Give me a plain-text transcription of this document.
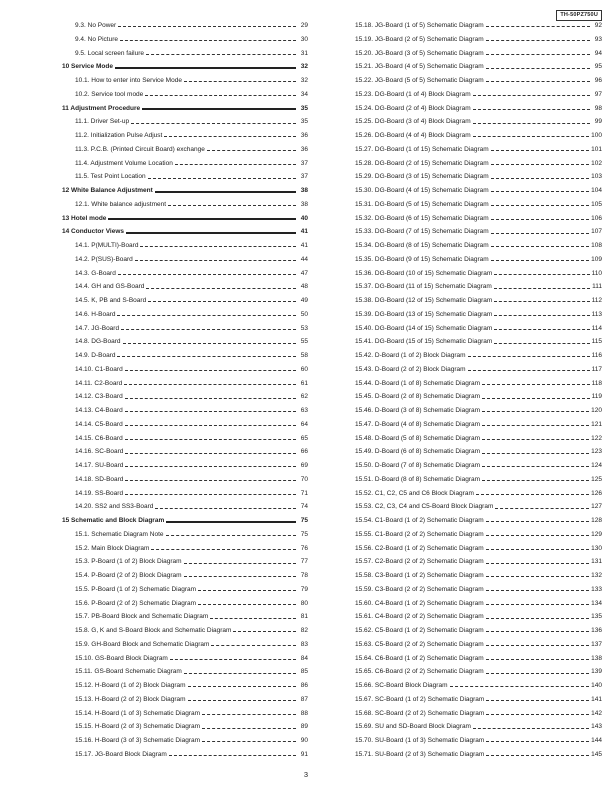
TH-50PZ750U
9.3. No Power	29
9.4. No Picture	30
9.5. Local screen failure	31
10 Service Mode	32
10.1. How to enter into Service Mode	32
10.2. Service tool mode	34
11 Adjustment Procedure	35
11.1. Driver Set-up	35
11.2. Initialization Pulse Adjust	36
11.3. P.C.B. (Printed Circuit Board) exchange	36
11.4. Adjustment Volume Location	37
11.5. Test Point Location	37
12 White Balance Adjustment	38
12.1. White balance adjustment	38
13 Hotel mode	40
14 Conductor Views	41
14.1. P(MULTI)-Board	41
14.2. P(SUS)-Board	44
14.3. G-Board	47
14.4. GH and GS-Board	48
14.5. K, PB and S-Board	49
14.6. H-Board	50
14.7. JG-Board	53
14.8. DG-Board	55
14.9. D-Board	58
14.10. C1-Board	60
14.11. C2-Board	61
14.12. C3-Board	62
14.13. C4-Board	63
14.14. C5-Board	64
14.15. C6-Board	65
14.16. SC-Board	66
14.17. SU-Board	69
14.18. SD-Board	70
14.19. SS-Board	71
14.20. SS2 and SS3-Board	74
15 Schematic and Block Diagram	75
15.1. Schematic Diagram Note	75
15.2. Main Block Diagram	76
15.3. P-Board (1 of 2) Block Diagram	77
15.4. P-Board (2 of 2) Block Diagram	78
15.5. P-Board (1 of 2) Schematic Diagram	79
15.6. P-Board (2 of 2) Schematic Diagram	80
15.7. PB-Board Block and Schematic Diagram	81
15.8. G, K and S-Board Block and Schematic Diagram	82
15.9. GH-Board Block and Schematic Diagram	83
15.10. GS-Board Block Diagram	84
15.11. GS-Board Schematic Diagram	85
15.12. H-Board (1 of 2) Block Diagram	86
15.13. H-Board (2 of 2) Block Diagram	87
15.14. H-Board (1 of 3) Schematic Diagram	88
15.15. H-Board (2 of 3) Schematic Diagram	89
15.16. H-Board (3 of 3) Schematic Diagram	90
15.17. JG-Board Block Diagram	91
15.18. JG-Board (1 of 5) Schematic Diagram	92
15.19. JG-Board (2 of 5) Schematic Diagram	93
15.20. JG-Board (3 of 5) Schematic Diagram	94
15.21. JG-Board (4 of 5) Schematic Diagram	95
15.22. JG-Board (5 of 5) Schematic Diagram	96
15.23. DG-Board (1 of 4) Block Diagram	97
15.24. DG-Board (2 of 4) Block Diagram	98
15.25. DG-Board (3 of 4) Block Diagram	99
15.26. DG-Board (4 of 4) Block Diagram	100
15.27. DG-Board (1 of 15) Schematic Diagram	101
15.28. DG-Board (2 of 15) Schematic Diagram	102
15.29. DG-Board (3 of 15) Schematic Diagram	103
15.30. DG-Board (4 of 15) Schematic Diagram	104
15.31. DG-Board (5 of 15) Schematic Diagram	105
15.32. DG-Board (6 of 15) Schematic Diagram	106
15.33. DG-Board (7 of 15) Schematic Diagram	107
15.34. DG-Board (8 of 15) Schematic Diagram	108
15.35. DG-Board (9 of 15) Schematic Diagram	109
15.36. DG-Board (10 of 15) Schematic Diagram	110
15.37. DG-Board (11 of 15) Schematic Diagram	111
15.38. DG-Board (12 of 15) Schematic Diagram	112
15.39. DG-Board (13 of 15) Schematic Diagram	113
15.40. DG-Board (14 of 15) Schematic Diagram	114
15.41. DG-Board (15 of 15) Schematic Diagram	115
15.42. D-Board (1 of 2) Block Diagram	116
15.43. D-Board (2 of 2) Block Diagram	117
15.44. D-Board (1 of 8) Schematic Diagram	118
15.45. D-Board (2 of 8) Schematic Diagram	119
15.46. D-Board (3 of 8) Schematic Diagram	120
15.47. D-Board (4 of 8) Schematic Diagram	121
15.48. D-Board (5 of 8) Schematic Diagram	122
15.49. D-Board (6 of 8) Schematic Diagram	123
15.50. D-Board (7 of 8) Schematic Diagram	124
15.51. D-Board (8 of 8) Schematic Diagram	125
15.52. C1, C2, C5 and C6 Block Diagram	126
15.53. C2, C3, C4 and C5-Board Block Diagram	127
15.54. C1-Board (1 of 2) Schematic Diagram	128
15.55. C1-Board (2 of 2) Schematic Diagram	129
15.56. C2-Board (1 of 2) Schematic Diagram	130
15.57. C2-Board (2 of 2) Schematic Diagram	131
15.58. C3-Board (1 of 2) Schematic Diagram	132
15.59. C3-Board (2 of 2) Schematic Diagram	133
15.60. C4-Board (1 of 2) Schematic Diagram	134
15.61. C4-Board (2 of 2) Schematic Diagram	135
15.62. C5-Board (1 of 2) Schematic Diagram	136
15.63. C5-Board (2 of 2) Schematic Diagram	137
15.64. C6-Board (1 of 2) Schematic Diagram	138
15.65. C6-Board (2 of 2) Schematic Diagram	139
15.66. SC-Board Block Diagram	140
15.67. SC-Board (1 of 2) Schematic Diagram	141
15.68. SC-Board (2 of 2) Schematic Diagram	142
15.69. SU and SD-Board Block Diagram	143
15.70. SU-Board (1 of 3) Schematic Diagram	144
15.71. SU-Board (2 of 3) Schematic Diagram	145
3
